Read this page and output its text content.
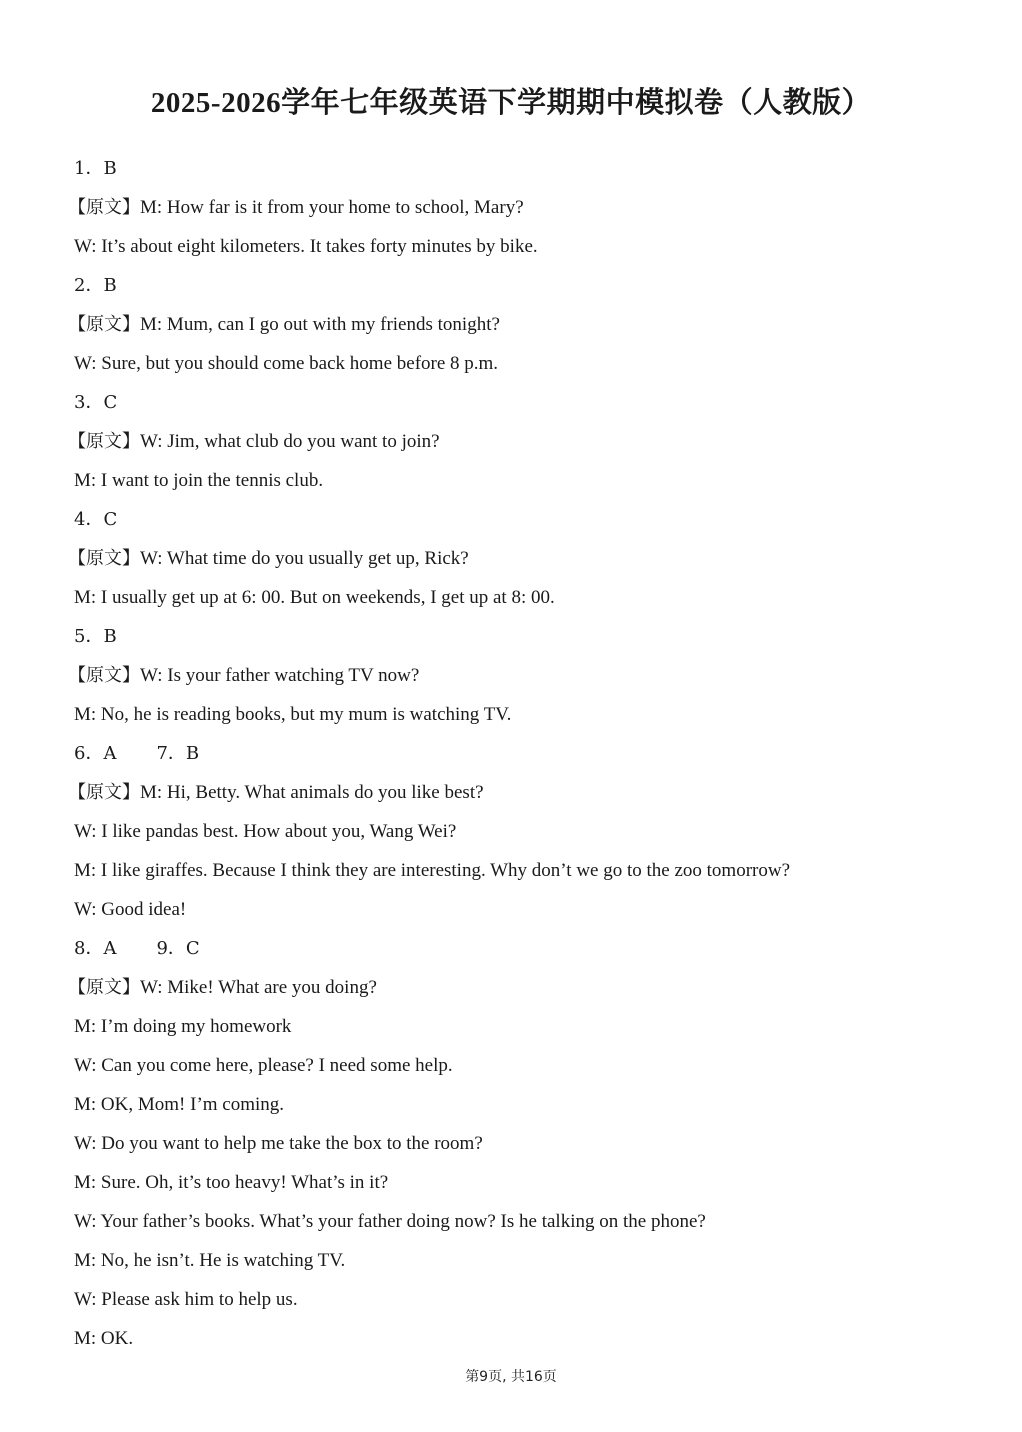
2025-2026学年七年级英语下学期期中模拟卷（人教版）
1．B
【原文】M: How far is it from your home to school, Mary?
W: It’s about eight kilometers. It takes forty minutes by bike.
2．B
【原文】M: Mum, can I go out with my friends tonight?
W: Sure, but you should come back home before 8 p.m.
3．C
【原文】W: Jim, what club do you want to join?
M: I want to join the tennis club.
4．C
【原文】W: What time do you usually get up, Rick?
M: I usually get up at 6: 00. But on weekends, I get up at 8: 00.
5．B
【原文】W: Is your father watching TV now?
M: No, he is reading books, but my mum is watching TV.
6．A 7．B
【原文】M: Hi, Betty. What animals do you like best?
W: I like pandas best. How about you, Wang Wei?
M: I like giraffes. Because I think they are interesting. Why don’t we go to the zoo tomorrow?
W: Good idea!
8．A 9．C
【原文】W: Mike! What are you doing?
M: I’m doing my homework
W: Can you come here, please? I need some help.
M: OK, Mom! I’m coming.
W: Do you want to help me take the box to the room?
M: Sure. Oh, it’s too heavy! What’s in it?
W: Your father’s books. What’s your father doing now? Is he talking on the phone?
M: No, he isn’t. He is watching TV.
W: Please ask him to help us.
M: OK.
第9页, 共16页
